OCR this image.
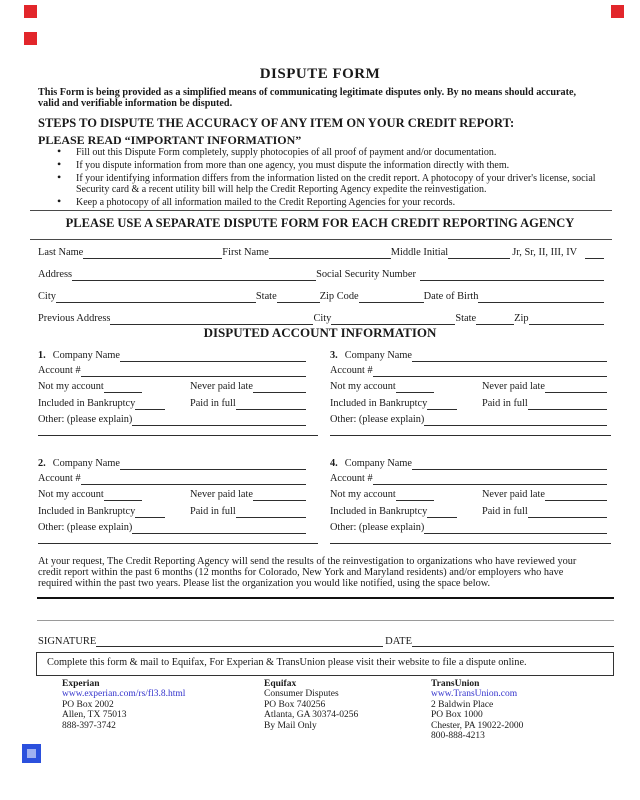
DISPUTE FORM
This Form is being provided as a simplified means of communicating legitimate disputes only. By no means should accurate, valid and verifiable information be disputed.
STEPS TO DISPUTE THE ACCURACY OF ANY ITEM ON YOUR CREDIT REPORT:
PLEASE READ “IMPORTANT INFORMATION”
• Fill out this Dispute Form completely, supply photocopies of all proof of payment and/or documentation.
• If you dispute information from more than one agency, you must dispute the information directly with them.
• If your identifying information differs from the information listed on the credit report. A photocopy of your driver's license, social Security card & a recent utility bill will help the Credit Reporting Agency expedite the reinvestigation.
• Keep a photocopy of all information mailed to the Credit Reporting Agencies for your records.
PLEASE USE A SEPARATE DISPUTE FORM FOR EACH CREDIT REPORTING AGENCY
Last Name	First Name	Middle Initial	Jr, Sr, II, III, IV
Address	Social Security Number
City	State	Zip Code	Date of Birth
Previous Address	City	State	Zip
DISPUTED ACCOUNT INFORMATION
1. Company Name
Account #
Not my account	Never paid late
Included in Bankruptcy	Paid in full
Other: (please explain)
2. Company Name
Account #
Not my account	Never paid late
Included in Bankruptcy	Paid in full
Other: (please explain)
3. Company Name
Account #
Not my account	Never paid late
Included in Bankruptcy	Paid in full
Other: (please explain)
4. Company Name
Account #
Not my account	Never paid late
Included in Bankruptcy	Paid in full
Other: (please explain)
At your request, The Credit Reporting Agency will send the results of the reinvestigation to organizations who have reviewed your credit report within the past 6 months (12 months for Colorado, New York and Maryland residents) and/or employers who have required within the past two years. Please list the organization you would like notified, using the space below.
SIGNATURE	DATE
Complete this form & mail to Equifax, For Experian & TransUnion please visit their website to file a dispute online.
Experian
www.experian.com/rs/fl3.8.html
PO Box 2002
Allen, TX 75013
888-397-3742
Equifax
Consumer Disputes
PO Box 740256
Atlanta, GA 30374-0256
By Mail Only
TransUnion
www.TransUnion.com
2 Baldwin Place
PO Box 1000
Chester, PA 19022-2000
800-888-4213
